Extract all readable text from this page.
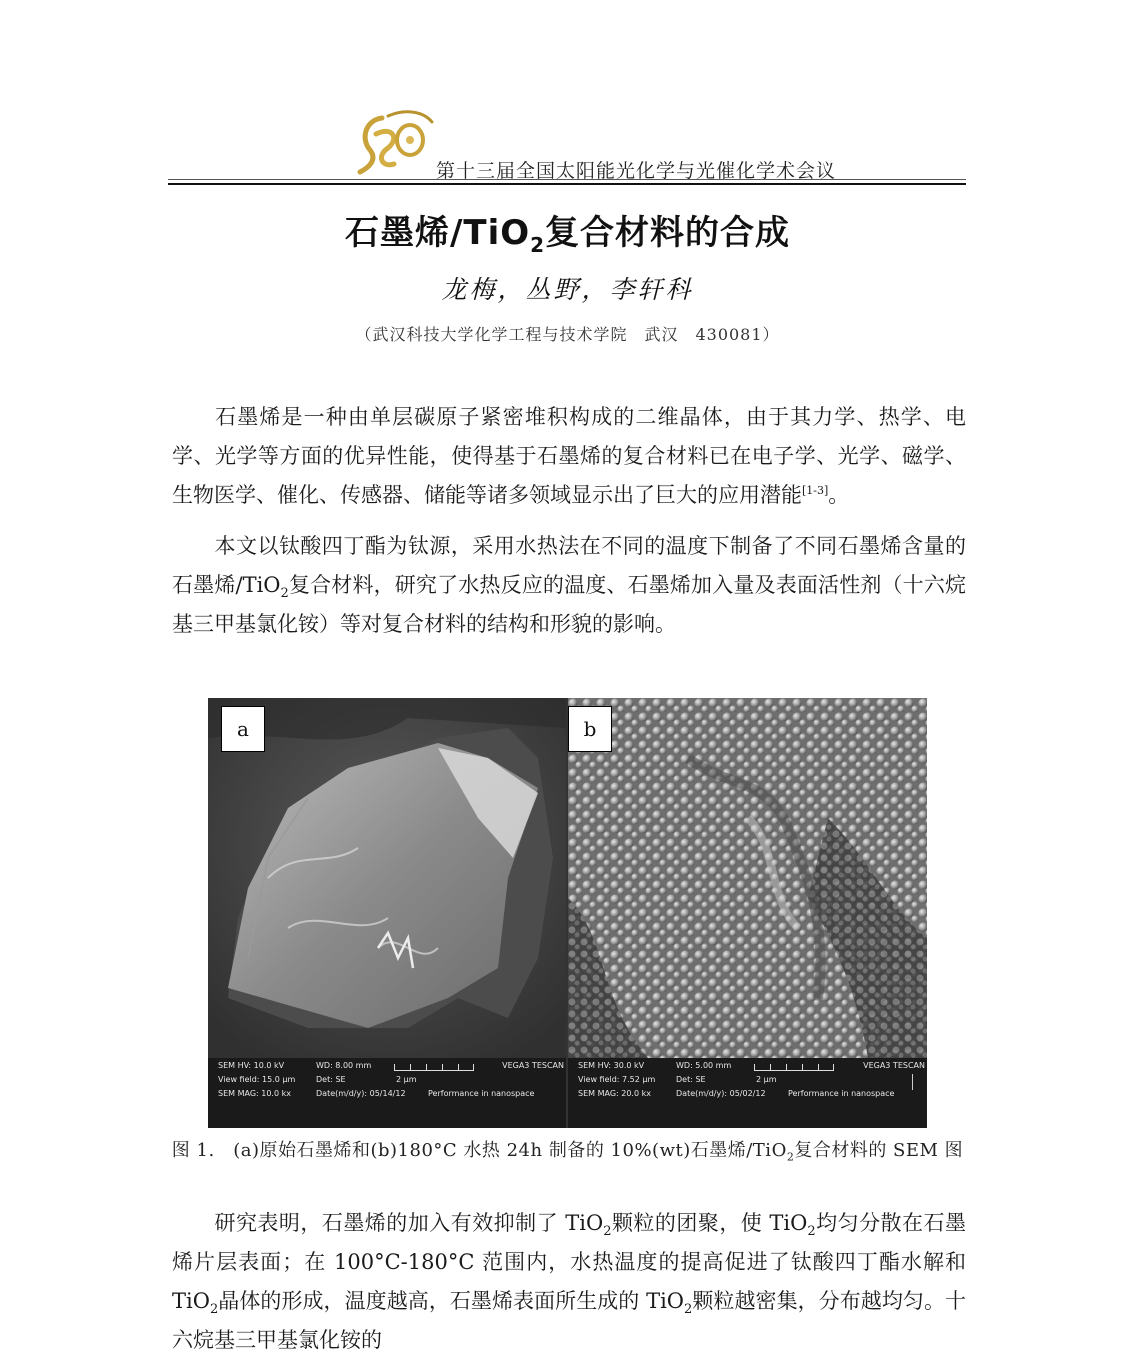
第十三届全国太阳能光化学与光催化学术会议
石墨烯/TiO$_2$复合材料的合成
龙梅，丛野，李轩科
（武汉科技大学化学工程与技术学院　武汉　430081）

石墨烯是一种由单层碳原子紧密堆积构成的二维晶体，由于其力学、热学、电学、光学等方面的优异性能，使得基于石墨烯的复合材料已在电子学、光学、磁学、生物医学、催化、传感器、储能等诸多领域显示出了巨大的应用潜能[1-3]。

本文以钛酸四丁酯为钛源，采用水热法在不同的温度下制备了不同石墨烯含量的石墨烯/TiO$_2$复合材料，研究了水热反应的温度、石墨烯加入量及表面活性剂（十六烷基三甲基氯化铵）等对复合材料的结构和形貌的影响。

a
SEM HV: 10.0 kV	WD: 8.00 mm	VEGA3 TESCAN
View field: 15.0 μm	Det: SE
SEM MAG: 10.0 kx	Date(m/d/y): 05/14/12
2 μm
Performance in nanospace
b
SEM HV: 30.0 kV	WD: 5.00 mm	VEGA3 TESCAN
View field: 7.52 μm	Det: SE
SEM MAG: 20.0 kx	Date(m/d/y): 05/02/12
2 μm
Performance in nanospace
图 1.　(a)原始石墨烯和(b)180°C 水热 24h 制备的 10%(wt)石墨烯/TiO$_2$复合材料的 SEM 图

研究表明，石墨烯的加入有效抑制了 TiO$_2$颗粒的团聚，使 TiO$_2$均匀分散在石墨烯片层表面；在 100°C-180°C 范围内，水热温度的提高促进了钛酸四丁酯水解和 TiO$_2$晶体的形成，温度越高，石墨烯表面所生成的 TiO$_2$颗粒越密集，分布越均匀。十六烷基三甲基氯化铵的
